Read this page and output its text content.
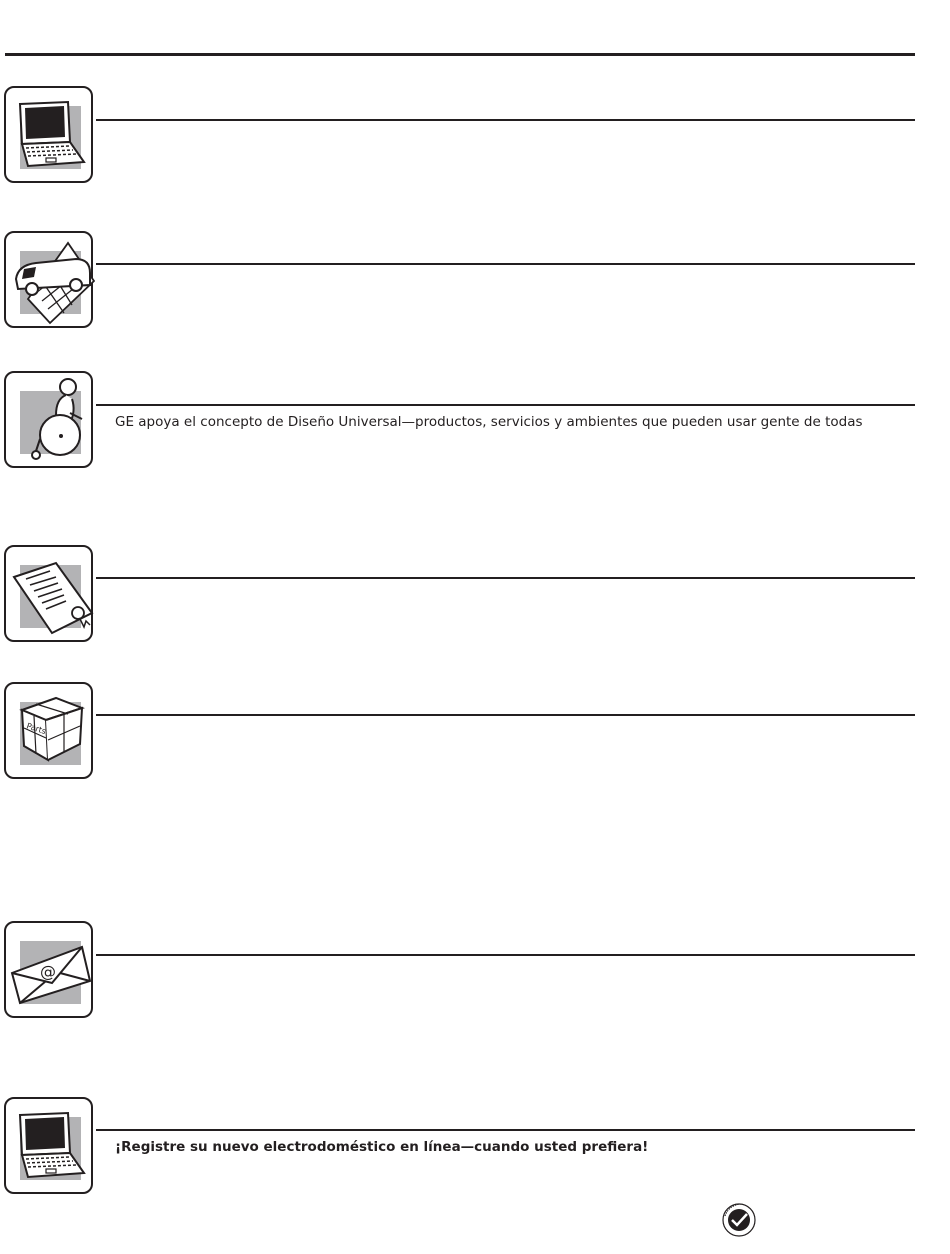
GE apoya el concepto de Diseño Universal—productos, servicios y ambientes que pueden usar gente de todas
Parts
@
¡Registre su nuevo electrodoméstico en línea—cuando usted prefiera!
